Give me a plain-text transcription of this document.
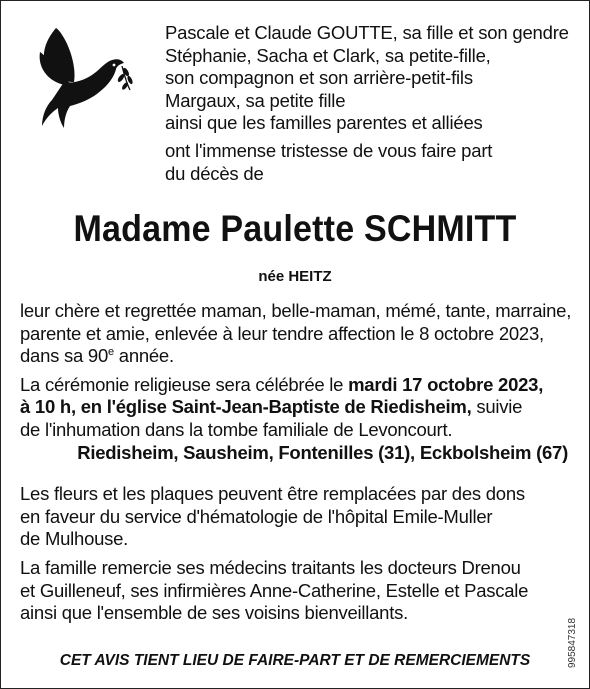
Pascale et Claude GOUTTE, sa fille et son gendre
Stéphanie, Sacha et Clark, sa petite-fille,
son compagnon et son arrière-petit-fils
Margaux, sa petite fille
ainsi que les familles parentes et alliées
ont l'immense tristesse de vous faire part
du décès de
Madame Paulette SCHMITT
née HEITZ
leur chère et regrettée maman, belle-maman, mémé, tante, marraine,
parente et amie, enlevée à leur tendre affection le 8 octobre 2023,
dans sa 90e année.
La cérémonie religieuse sera célébrée le mardi 17 octobre 2023,
à 10 h, en l'église Saint-Jean-Baptiste de Riedisheim, suivie
de l'inhumation dans la tombe familiale de Levoncourt.
Riedisheim, Sausheim, Fontenilles (31), Eckbolsheim (67)
Les fleurs et les plaques peuvent être remplacées par des dons
en faveur du service d'hématologie de l'hôpital Emile-Muller
de Mulhouse.
La famille remercie ses médecins traitants les docteurs Drenou
et Guilleneuf, ses infirmières Anne-Catherine, Estelle et Pascale
ainsi que l'ensemble de ses voisins bienveillants.
CET AVIS TIENT LIEU DE FAIRE-PART ET DE REMERCIEMENTS	995847318
